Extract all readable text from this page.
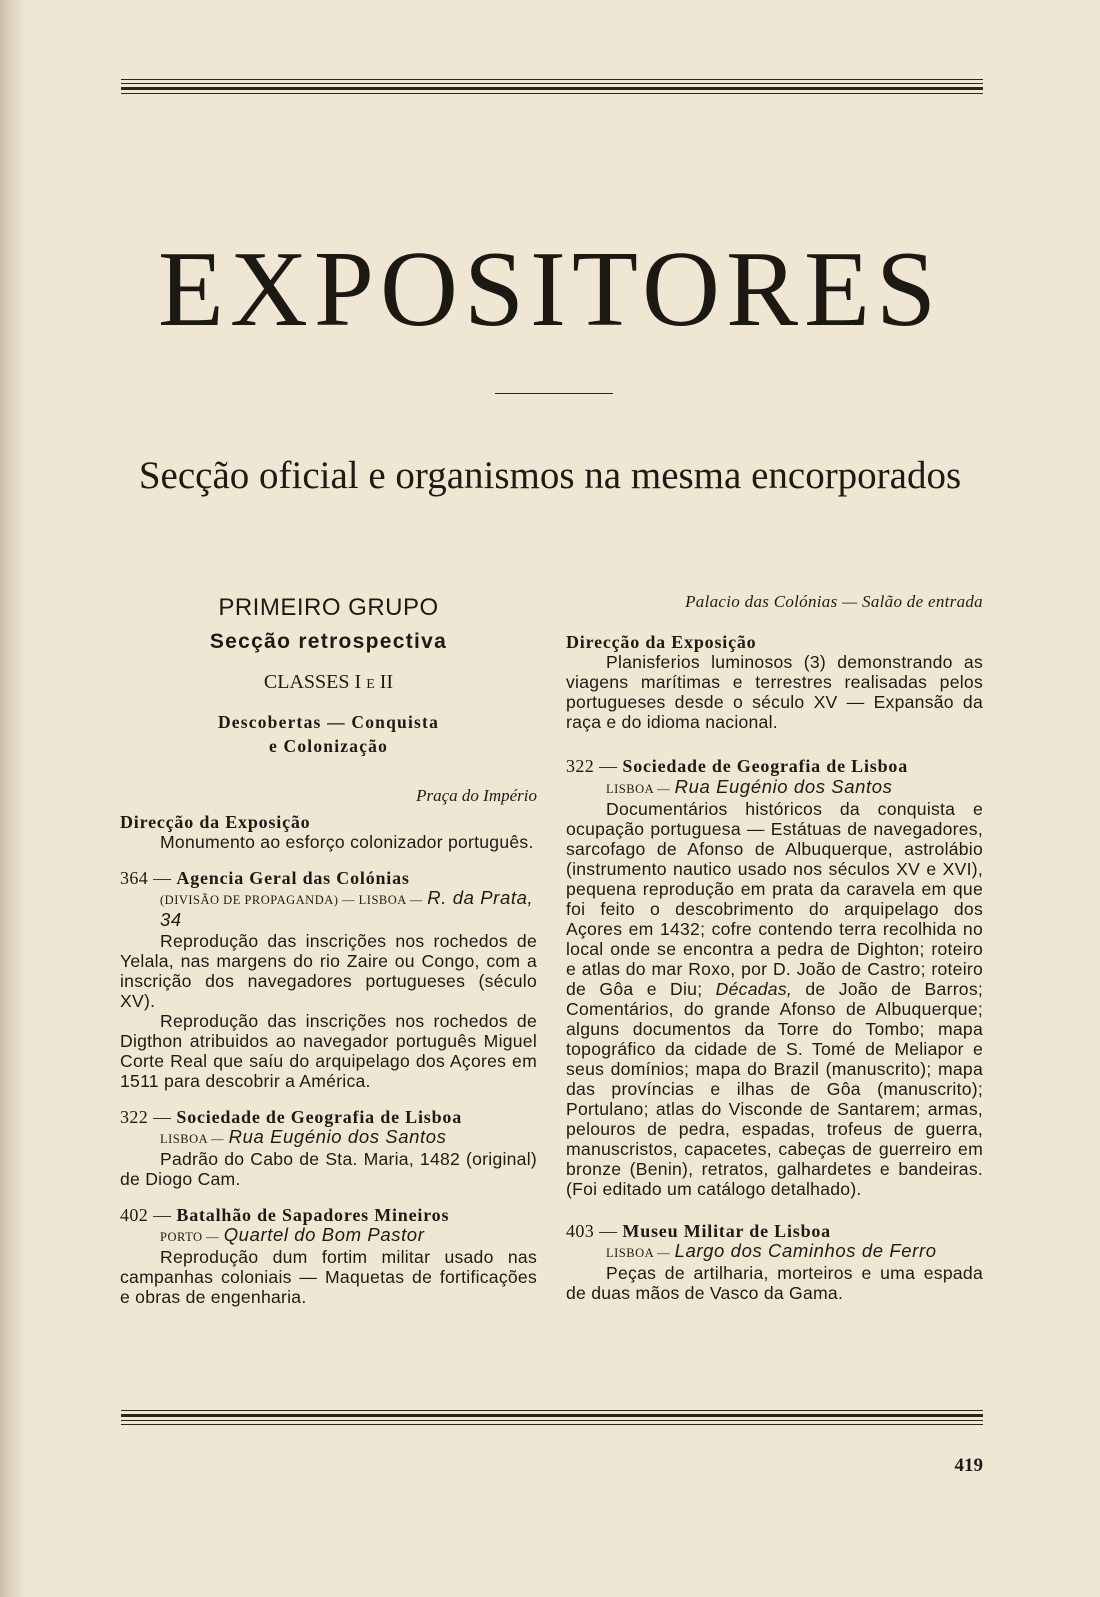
EXPOSITORES
Secção oficial e organismos na mesma encorporados
PRIMEIRO GRUPO
Secção retrospectiva
CLASSES I E II
Descobertas — Conquista
e Colonização
Praça do Império
Direcção da Exposição

Monumento ao esforço colonizador português.

364 — Agencia Geral das Colónias
(DIVISÃO DE PROPAGANDA) — LISBOA — R. da Prata, 34

Reprodução das inscrições nos rochedos de Yelala, nas margens do rio Zaire ou Congo, com a inscrição dos navegadores portugueses (século XV).

Reprodução das inscrições nos rochedos de Digthon atribuidos ao navegador português Miguel Corte Real que saíu do arquipelago dos Açores em 1511 para descobrir a América.

322 — Sociedade de Geografia de Lisboa
LISBOA — Rua Eugénio dos Santos

Padrão do Cabo de Sta. Maria, 1482 (original) de Diogo Cam.

402 — Batalhão de Sapadores Mineiros
PORTO — Quartel do Bom Pastor

Reprodução dum fortim militar usado nas campanhas coloniais — Maquetas de fortificações e obras de engenharia.

Palacio das Colónias — Salão de entrada
Direcção da Exposição

Planisferios luminosos (3) demonstrando as viagens marítimas e terrestres realisadas pelos portugueses desde o século XV — Expansão da raça e do idioma nacional.

322 — Sociedade de Geografia de Lisboa
LISBOA — Rua Eugénio dos Santos

Documentários históricos da conquista e ocupação portuguesa — Estátuas de navegadores, sarcofago de Afonso de Albuquerque, astrolábio (instrumento nautico usado nos séculos XV e XVI), pequena reprodução em prata da caravela em que foi feito o descobrimento do arquipelago dos Açores em 1432; cofre contendo terra recolhida no local onde se encontra a pedra de Dighton; roteiro e atlas do mar Roxo, por D. João de Castro; roteiro de Gôa e Diu; Décadas, de João de Barros; Comentários, do grande Afonso de Albuquerque; alguns documentos da Torre do Tombo; mapa topográfico da cidade de S. Tomé de Meliapor e seus domínios; mapa do Brazil (manuscrito); mapa das províncias e ilhas de Gôa (manuscrito); Portulano; atlas do Visconde de Santarem; armas, pelouros de pedra, espadas, trofeus de guerra, manuscristos, capacetes, cabeças de guerreiro em bronze (Benin), retratos, galhardetes e bandeiras. (Foi editado um catálogo detalhado).

403 — Museu Militar de Lisboa
LISBOA — Largo dos Caminhos de Ferro

Peças de artilharia, morteiros e uma espada de duas mãos de Vasco da Gama.

419
